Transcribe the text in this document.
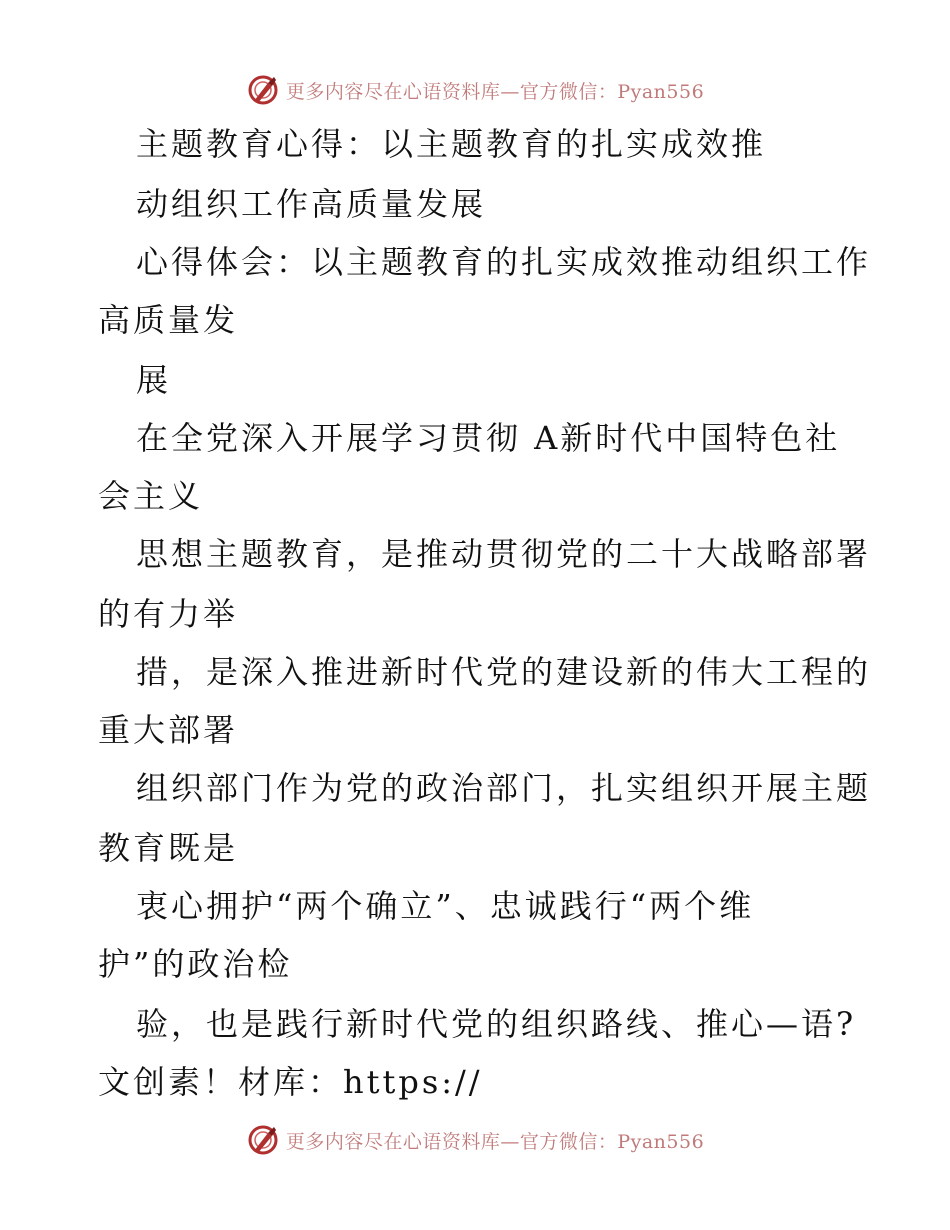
更多内容尽在心语资料库—官方微信：Pyan556
主题教育心得：以主题教育的扎实成效推
动组织工作高质量发展
心得体会：以主题教育的扎实成效推动组织工作
高质量发
展
在全党深入开展学习贯彻 A新时代中国特色社
会主义
思想主题教育，是推动贯彻党的二十大战略部署
的有力举
措，是深入推进新时代党的建设新的伟大工程的
重大部署
组织部门作为党的政治部门，扎实组织开展主题
教育既是
衷心拥护“两个确立”、忠诚践行“两个维
护”的政治检
验，也是践行新时代党的组织路线、推心—语?
文创素！材库：https://
更多内容尽在心语资料库—官方微信：Pyan556
